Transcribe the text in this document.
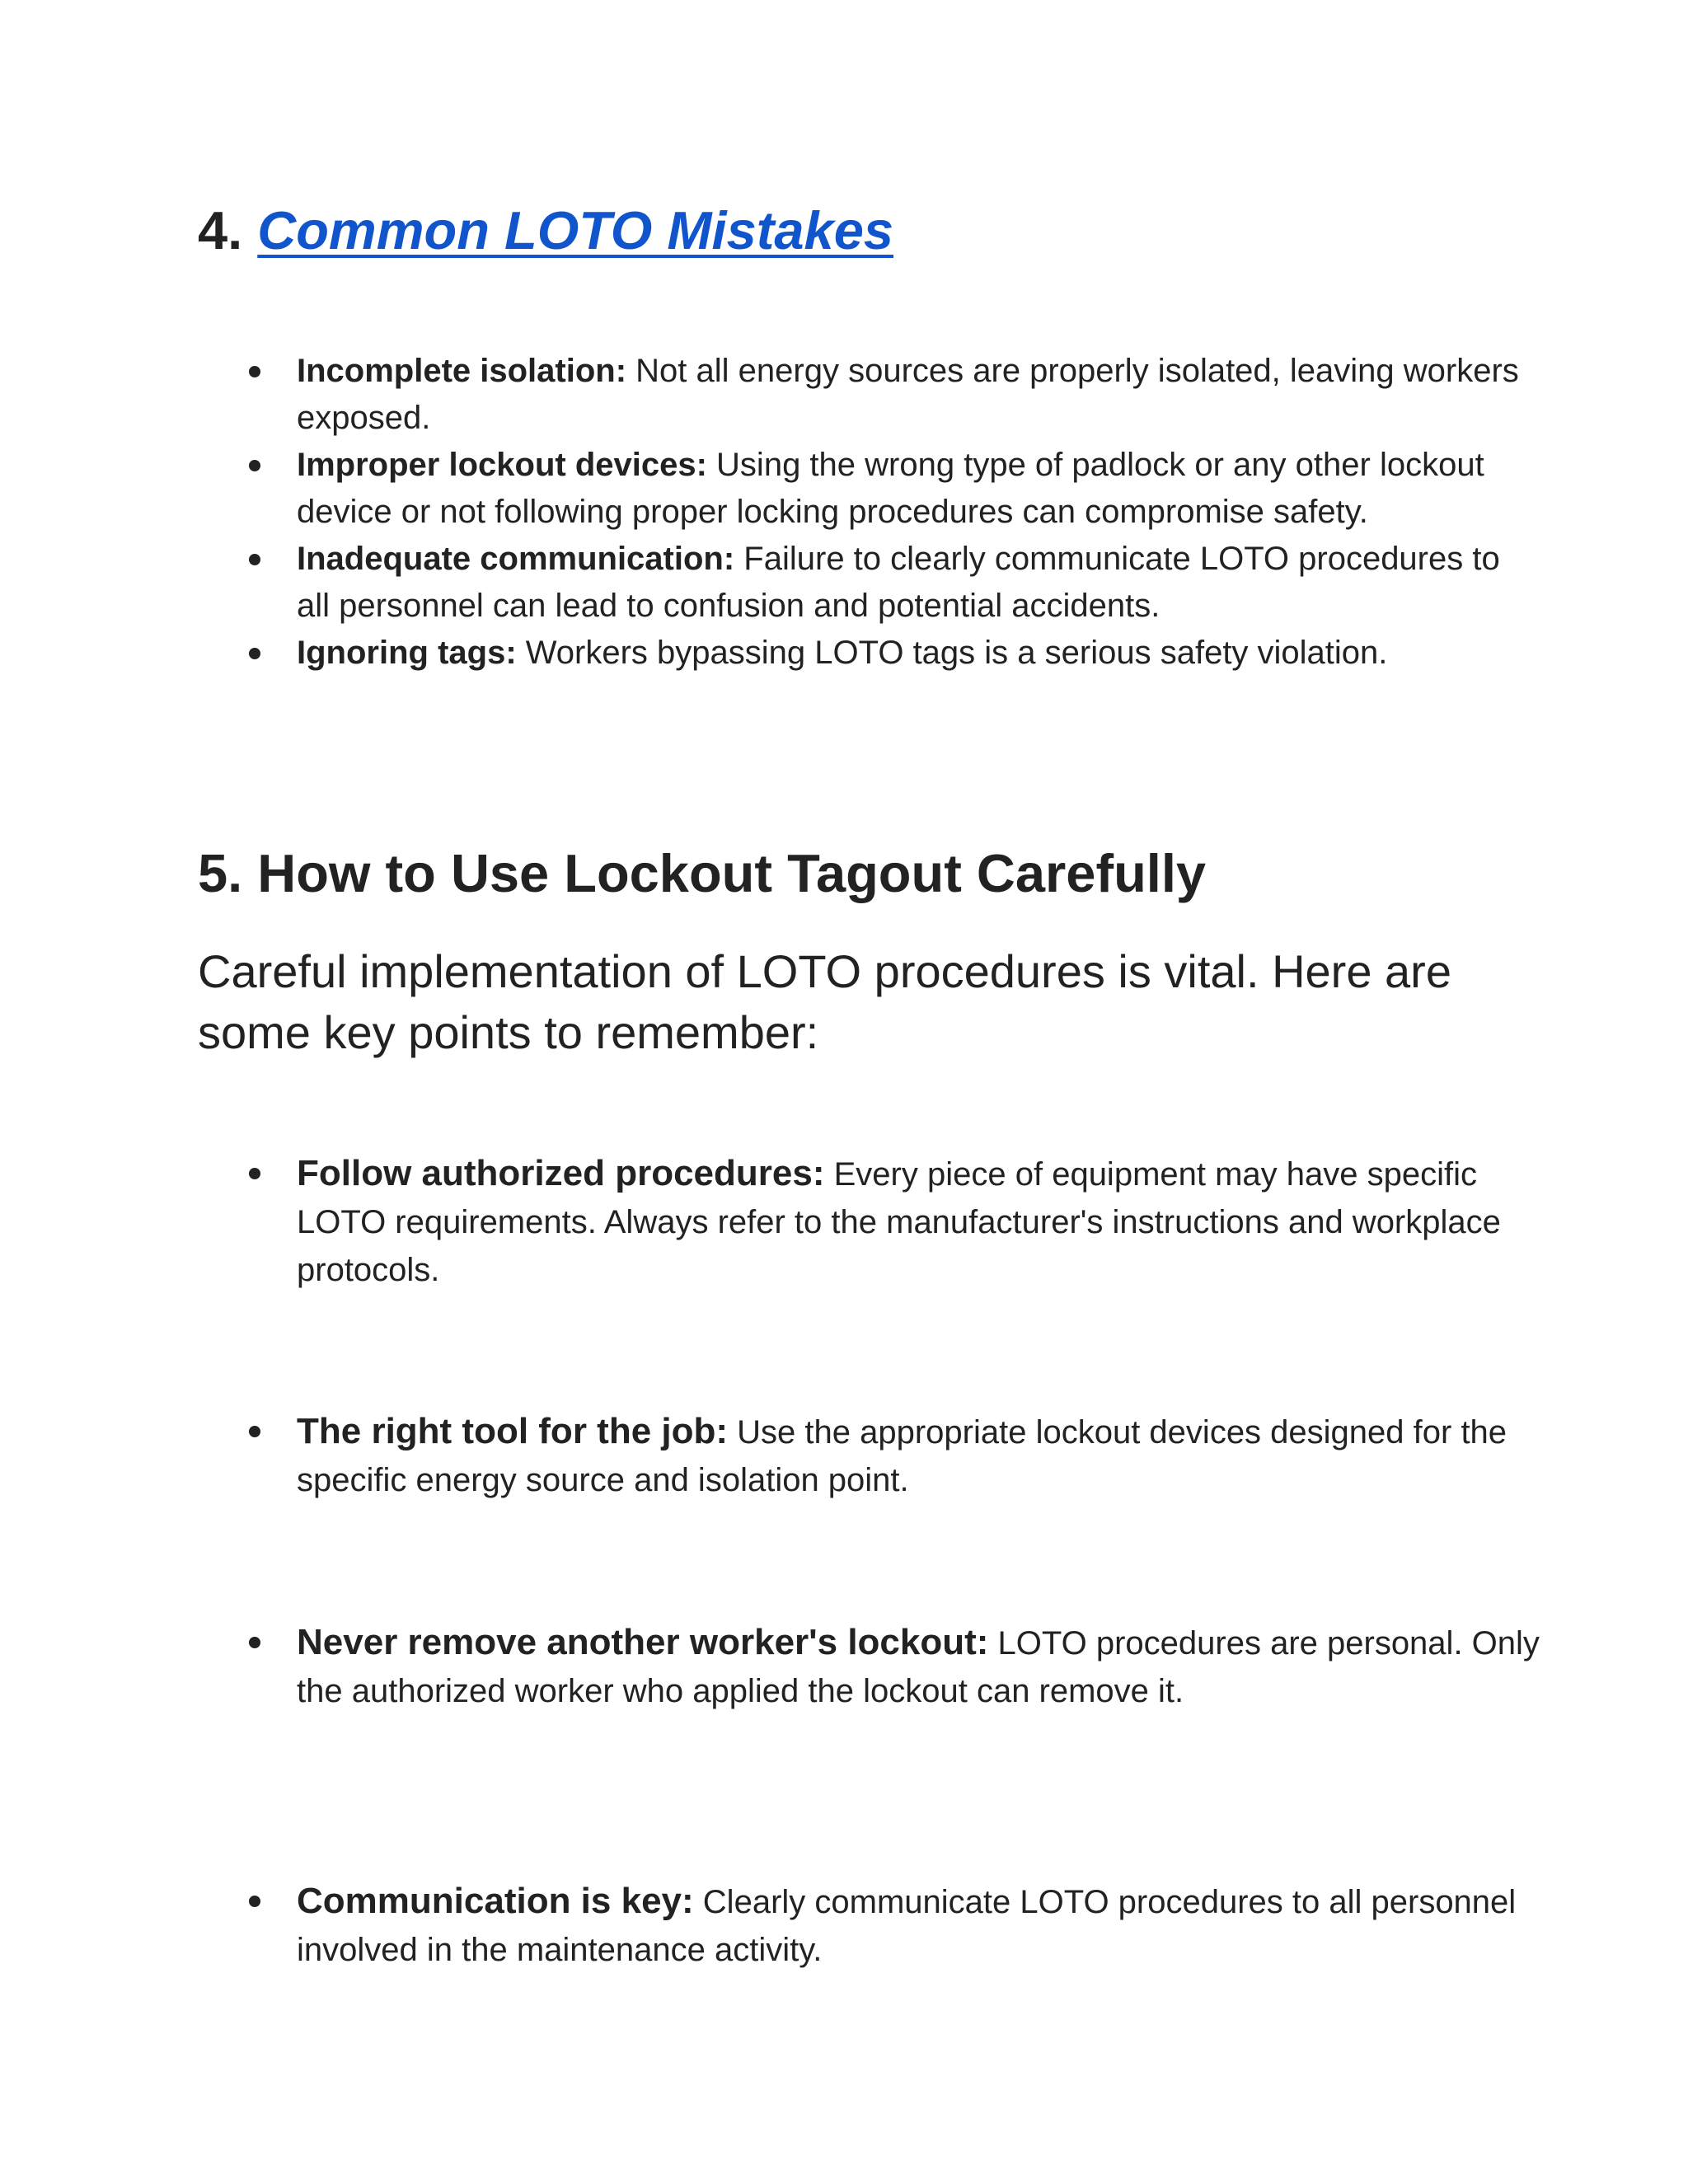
4. Common LOTO Mistakes
Incomplete isolation: Not all energy sources are properly isolated, leaving workers exposed.
Improper lockout devices: Using the wrong type of padlock or any other lockout device or not following proper locking procedures can compromise safety.
Inadequate communication: Failure to clearly communicate LOTO procedures to all personnel can lead to confusion and potential accidents.
Ignoring tags: Workers bypassing LOTO tags is a serious safety violation.
5. How to Use Lockout Tagout Carefully

Careful implementation of LOTO procedures is vital. Here are some key points to remember:

Follow authorized procedures: Every piece of equipment may have specific LOTO requirements. Always refer to the manufacturer's instructions and workplace protocols.
The right tool for the job: Use the appropriate lockout devices designed for the specific energy source and isolation point.
Never remove another worker's lockout: LOTO procedures are personal. Only the authorized worker who applied the lockout can remove it.
Communication is key: Clearly communicate LOTO procedures to all personnel involved in the maintenance activity.
